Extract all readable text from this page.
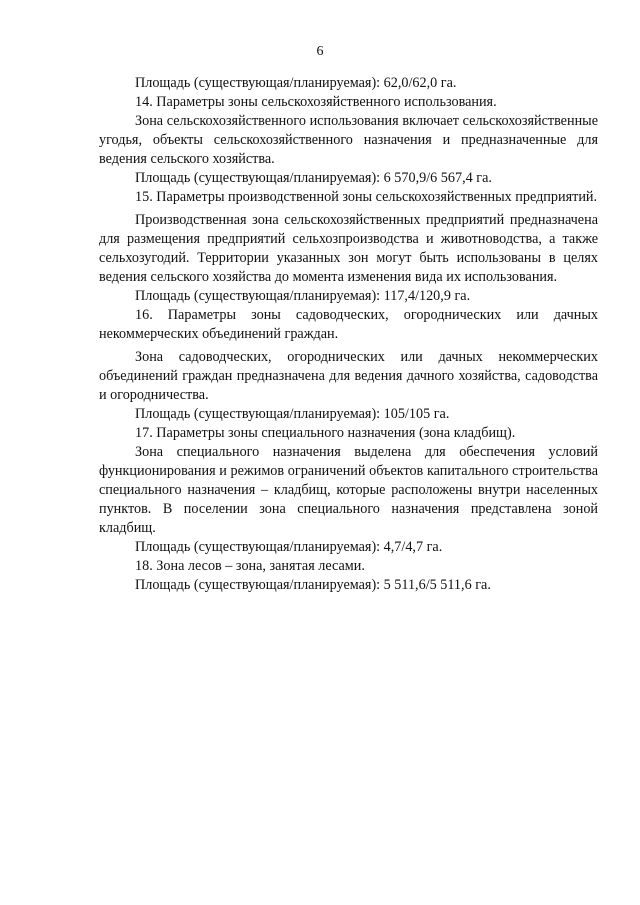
6

Площадь (существующая/планируемая): 62,0/62,0 га.

14. Параметры зоны сельскохозяйственного использования.

Зона сельскохозяйственного использования включает сельскохозяйственные угодья, объекты сельскохозяйственного назначения и предназначенные для ведения сельского хозяйства.

Площадь (существующая/планируемая): 6 570,9/6 567,4 га.

15. Параметры производственной зоны сельскохозяйственных предприятий.

Производственная зона сельскохозяйственных предприятий предназначена для размещения предприятий сельхозпроизводства и животноводства, а также сельхозугодий. Территории указанных зон могут быть использованы в целях ведения сельского хозяйства до момента изменения вида их использования.

Площадь (существующая/планируемая): 117,4/120,9 га.

16. Параметры зоны садоводческих, огороднических или дачных некоммерческих объединений граждан.

Зона садоводческих, огороднических или дачных некоммерческих объединений граждан предназначена для ведения дачного хозяйства, садоводства и огородничества.

Площадь (существующая/планируемая): 105/105 га.

17. Параметры зоны специального назначения (зона кладбищ).

Зона специального назначения выделена для обеспечения условий функционирования и режимов ограничений объектов капитального строительства специального назначения – кладбищ, которые расположены внутри населенных пунктов. В поселении зона специального назначения представлена зоной кладбищ.

Площадь (существующая/планируемая): 4,7/4,7 га.

18. Зона лесов – зона, занятая лесами.

Площадь (существующая/планируемая): 5 511,6/5 511,6 га.
